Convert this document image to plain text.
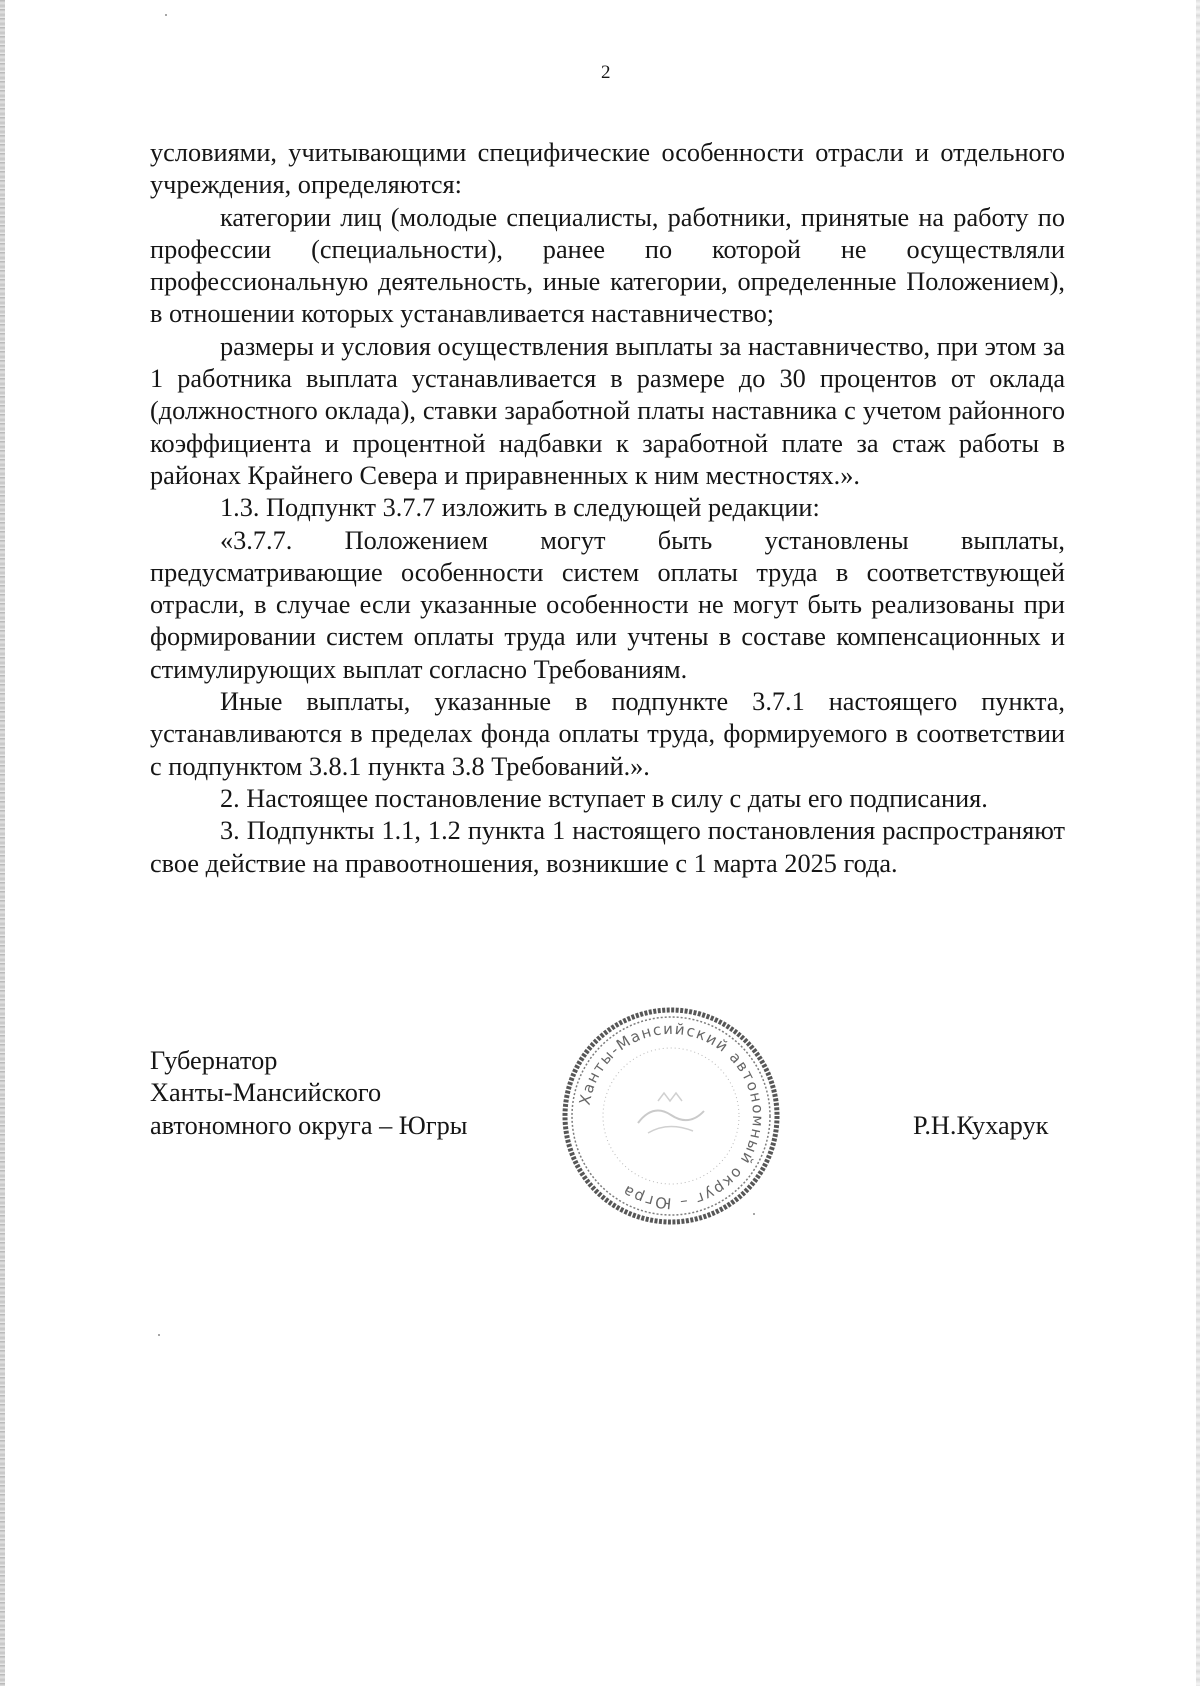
2

условиями, учитывающими специфические особенности отрасли и отдельного учреждения, определяются:

категории лиц (молодые специалисты, работники, принятые на работу по профессии (специальности), ранее по которой не осуществляли профессиональную деятельность, иные категории, определенные Положением), в отношении которых устанавливается наставничество;

размеры и условия осуществления выплаты за наставничество, при этом за 1 работника выплата устанавливается в размере до 30 процентов от оклада (должностного оклада), ставки заработной платы наставника с учетом районного коэффициента и процентной надбавки к заработной плате за стаж работы в районах Крайнего Севера и приравненных к ним местностях.».

1.3. Подпункт 3.7.7 изложить в следующей редакции:

«3.7.7. Положением могут быть установлены выплаты, предусматривающие особенности систем оплаты труда в соответствующей отрасли, в случае если указанные особенности не могут быть реализованы при формировании систем оплаты труда или учтены в составе компенсационных и стимулирующих выплат согласно Требованиям.

Иные выплаты, указанные в подпункте 3.7.1 настоящего пункта, устанавливаются в пределах фонда оплаты труда, формируемого в соответствии с подпунктом 3.8.1 пункта 3.8 Требований.».

2. Настоящее постановление вступает в силу с даты его подписания.

3. Подпункты 1.1, 1.2 пункта 1 настоящего постановления распространяют свое действие на правоотношения, возникшие с 1 марта 2025 года.

Губернатор
Ханты-Мансийского
автономного округа – Югры
Ханты-Мансийский автономный округ – Югра
Р.Н.Кухарук
